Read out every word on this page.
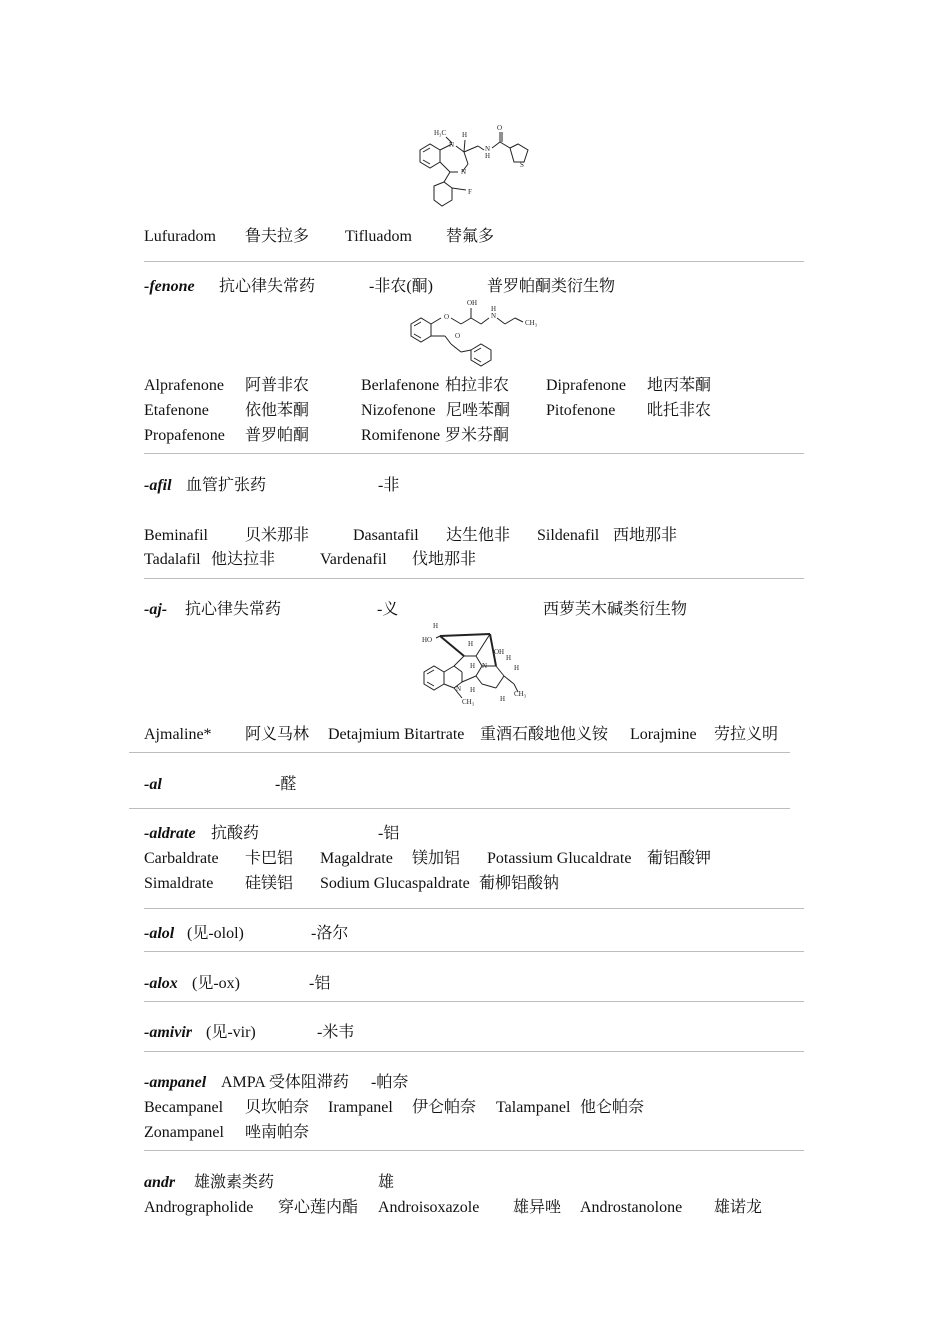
H₃C
N
H
O
N
H
N
S
F
Lufuradom 鲁夫拉多 Tifluadom 替氟多
-fenone 抗心律失常药	-非农(酮)	普罗帕酮类衍生物
OH
H
N
O
CH₃
O
Alprafenone 阿普非农	Berlafenone 柏拉非农 Diprafenone 地丙苯酮
Etafenone 依他苯酮	Nizofenone 尼唑苯酮 Pitofenone 吡托非农
Propafenone 普罗帕酮	Romifenone 罗米芬酮
-afil 血管扩张药	-非
Beminafil 贝米那非	Dasantafil 达生他非 Sildenafil 西地那非
Tadalafil 他达拉非	Vardenafil 伐地那非
-aj- 抗心律失常药	-义	西萝芙木碱类衍生物
H
HO	H
OH
H
H N	H
N H	CH₃
CH₃	H
Ajmaline* 阿义马林 Detajmium Bitartrate 重酒石酸地他义铵 Lorajmine 劳拉义明
-al	-醛
-aldrate 抗酸药	-铝
Carbaldrate 卡巴铝 Magaldrate 镁加铝 Potassium Glucaldrate 葡铝酸钾
Simaldrate 硅镁铝 Sodium Glucaspaldrate 葡柳铝酸钠
-alol (见-olol)	-洛尔
-alox (见-ox)	-铝
-amivir (见-vir)	-米韦
-ampanel AMPA 受体阻滞药 -帕奈
Becampanel 贝坎帕奈 Irampanel 伊仑帕奈 Talampanel 他仑帕奈
Zonampanel 唑南帕奈
andr 雄激素类药	雄
Andrographolide 穿心莲内酯 Androisoxazole 雄异唑 Androstanolone 雄诺龙
